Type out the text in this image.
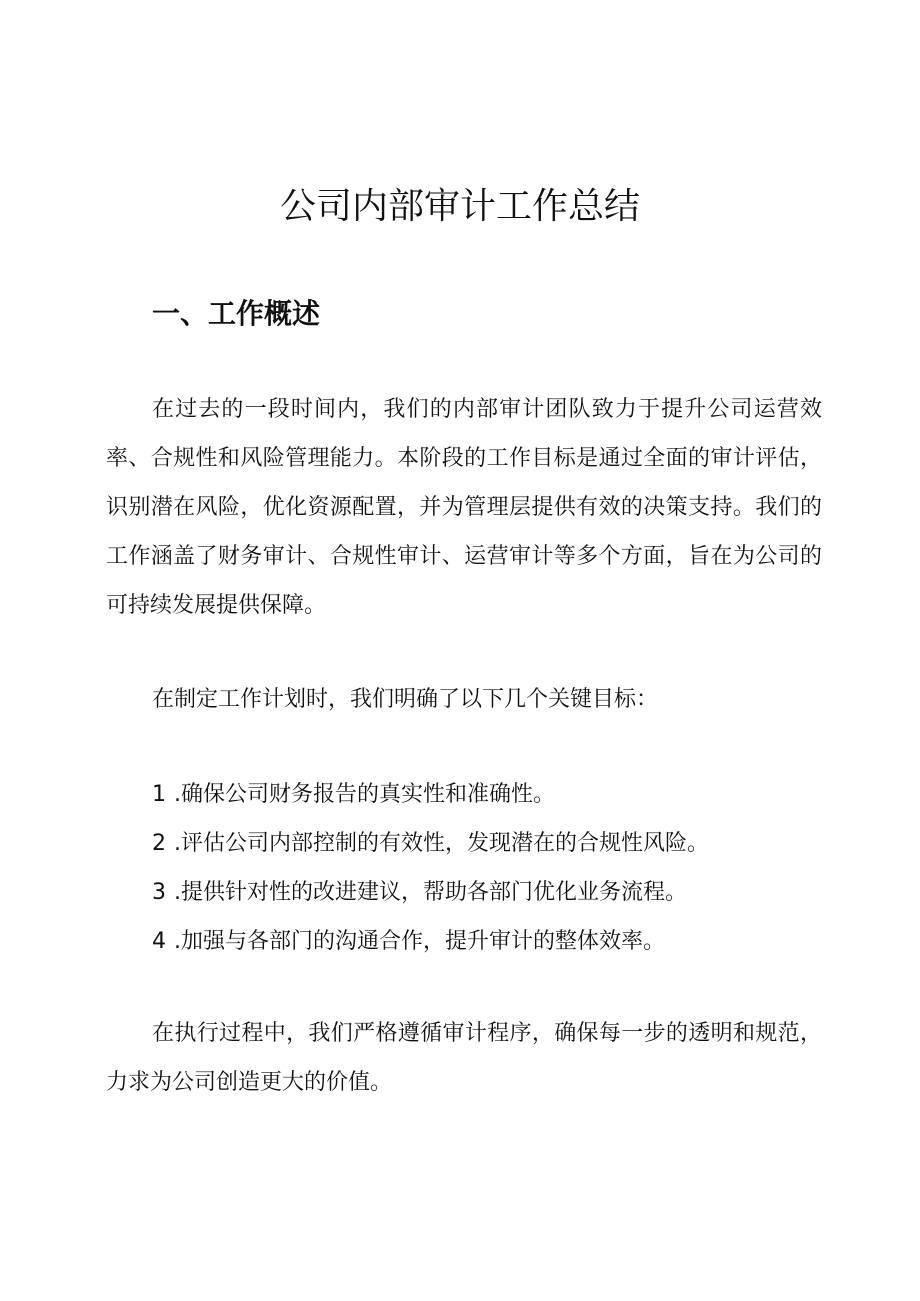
公司内部审计工作总结
一、工作概述

在过去的一段时间内，我们的内部审计团队致力于提升公司运营效率、合规性和风险管理能力。本阶段的工作目标是通过全面的审计评估，识别潜在风险，优化资源配置，并为管理层提供有效的决策支持。我们的工作涵盖了财务审计、合规性审计、运营审计等多个方面，旨在为公司的可持续发展提供保障。

在制定工作计划时，我们明确了以下几个关键目标：

1 .确保公司财务报告的真实性和准确性。
2 .评估公司内部控制的有效性，发现潜在的合规性风险。
3 .提供针对性的改进建议，帮助各部门优化业务流程。
4 .加强与各部门的沟通合作，提升审计的整体效率。

在执行过程中，我们严格遵循审计程序，确保每一步的透明和规范，力求为公司创造更大的价值。
